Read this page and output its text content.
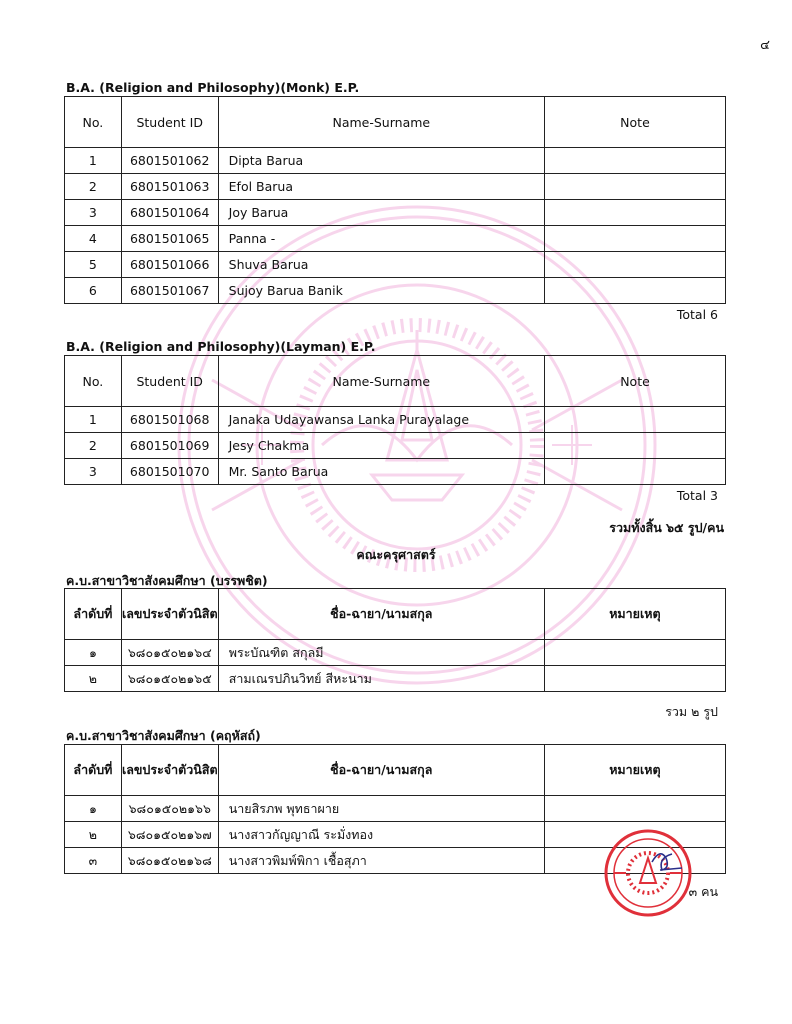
๔
B.A. (Religion and Philosophy)(Monk) E.P.
No.	Student ID	Name-Surname	Note
1	6801501062	Dipta Barua	
2	6801501063	Efol Barua	
3	6801501064	Joy Barua	
4	6801501065	Panna -	
5	6801501066	Shuva Barua	
6	6801501067	Sujoy Barua Banik	
Total 6
B.A. (Religion and Philosophy)(Layman) E.P.
No.	Student ID	Name-Surname	Note
1	6801501068	Janaka Udayawansa Lanka Purayalage	
2	6801501069	Jesy Chakma	
3	6801501070	Mr. Santo Barua	
Total 3
รวมทั้งสิ้น ๖๕ รูป/คน
คณะครุศาสตร์
ค.บ.สาขาวิชาสังคมศึกษา (บรรพชิต)
ลำดับที่	เลขประจำตัวนิสิต	ชื่อ-ฉายา/นามสกุล	หมายเหตุ
๑	๖๘๐๑๕๐๒๑๖๔	พระบัณฑิต สกุลมี	
๒	๖๘๐๑๕๐๒๑๖๕	สามเณรปภินวิทย์ สีหะนาม	
รวม ๒ รูป
ค.บ.สาขาวิชาสังคมศึกษา (คฤหัสถ์)
ลำดับที่	เลขประจำตัวนิสิต	ชื่อ-ฉายา/นามสกุล	หมายเหตุ
๑	๖๘๐๑๕๐๒๑๖๖	นายสิรภพ พุทธาผาย	
๒	๖๘๐๑๕๐๒๑๖๗	นางสาวกัญญาณี ระมั่งทอง	
๓	๖๘๐๑๕๐๒๑๖๘	นางสาวพิมพ์พิกา เชื้อสุภา	
๓ คน
